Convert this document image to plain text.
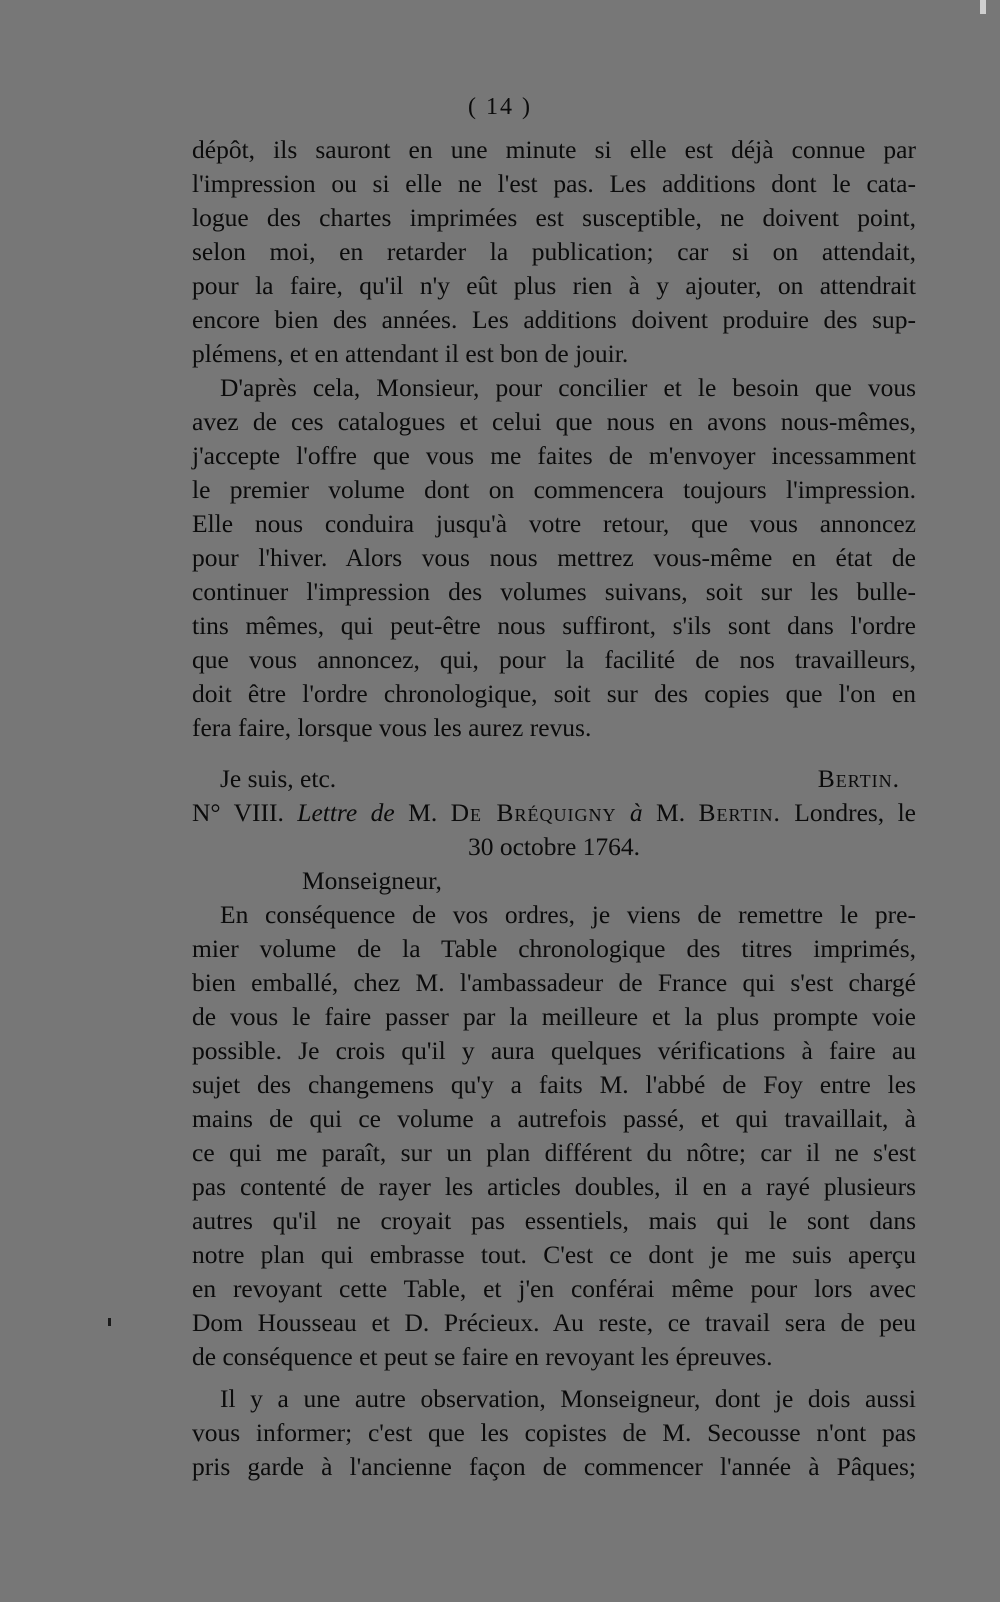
( 14 )
dépôt, ils sauront en une minute si elle est déjà connue par
l'impression ou si elle ne l'est pas. Les additions dont le cata-
logue des chartes imprimées est susceptible, ne doivent point,
selon moi, en retarder la publication; car si on attendait,
pour la faire, qu'il n'y eût plus rien à y ajouter, on attendrait
encore bien des années. Les additions doivent produire des sup-
plémens, et en attendant il est bon de jouir.
D'après cela, Monsieur, pour concilier et le besoin que vous
avez de ces catalogues et celui que nous en avons nous-mêmes,
j'accepte l'offre que vous me faites de m'envoyer incessamment
le premier volume dont on commencera toujours l'impression.
Elle nous conduira jusqu'à votre retour, que vous annoncez
pour l'hiver. Alors vous nous mettrez vous-même en état de
continuer l'impression des volumes suivans, soit sur les bulle-
tins mêmes, qui peut-être nous suffiront, s'ils sont dans l'ordre
que vous annoncez, qui, pour la facilité de nos travailleurs,
doit être l'ordre chronologique, soit sur des copies que l'on en
fera faire, lorsque vous les aurez revus.
Je suis, etc.	Bertin.
N° VIII. Lettre de M. De Bréquigny à M. Bertin. Londres, le
30 octobre 1764.
Monseigneur,
En conséquence de vos ordres, je viens de remettre le pre-
mier volume de la Table chronologique des titres imprimés,
bien emballé, chez M. l'ambassadeur de France qui s'est chargé
de vous le faire passer par la meilleure et la plus prompte voie
possible. Je crois qu'il y aura quelques vérifications à faire au
sujet des changemens qu'y a faits M. l'abbé de Foy entre les
mains de qui ce volume a autrefois passé, et qui travaillait, à
ce qui me paraît, sur un plan différent du nôtre; car il ne s'est
pas contenté de rayer les articles doubles, il en a rayé plusieurs
autres qu'il ne croyait pas essentiels, mais qui le sont dans
notre plan qui embrasse tout. C'est ce dont je me suis aperçu
en revoyant cette Table, et j'en conférai même pour lors avec
Dom Housseau et D. Précieux. Au reste, ce travail sera de peu
de conséquence et peut se faire en revoyant les épreuves.
Il y a une autre observation, Monseigneur, dont je dois aussi
vous informer; c'est que les copistes de M. Secousse n'ont pas
pris garde à l'ancienne façon de commencer l'année à Pâques;
